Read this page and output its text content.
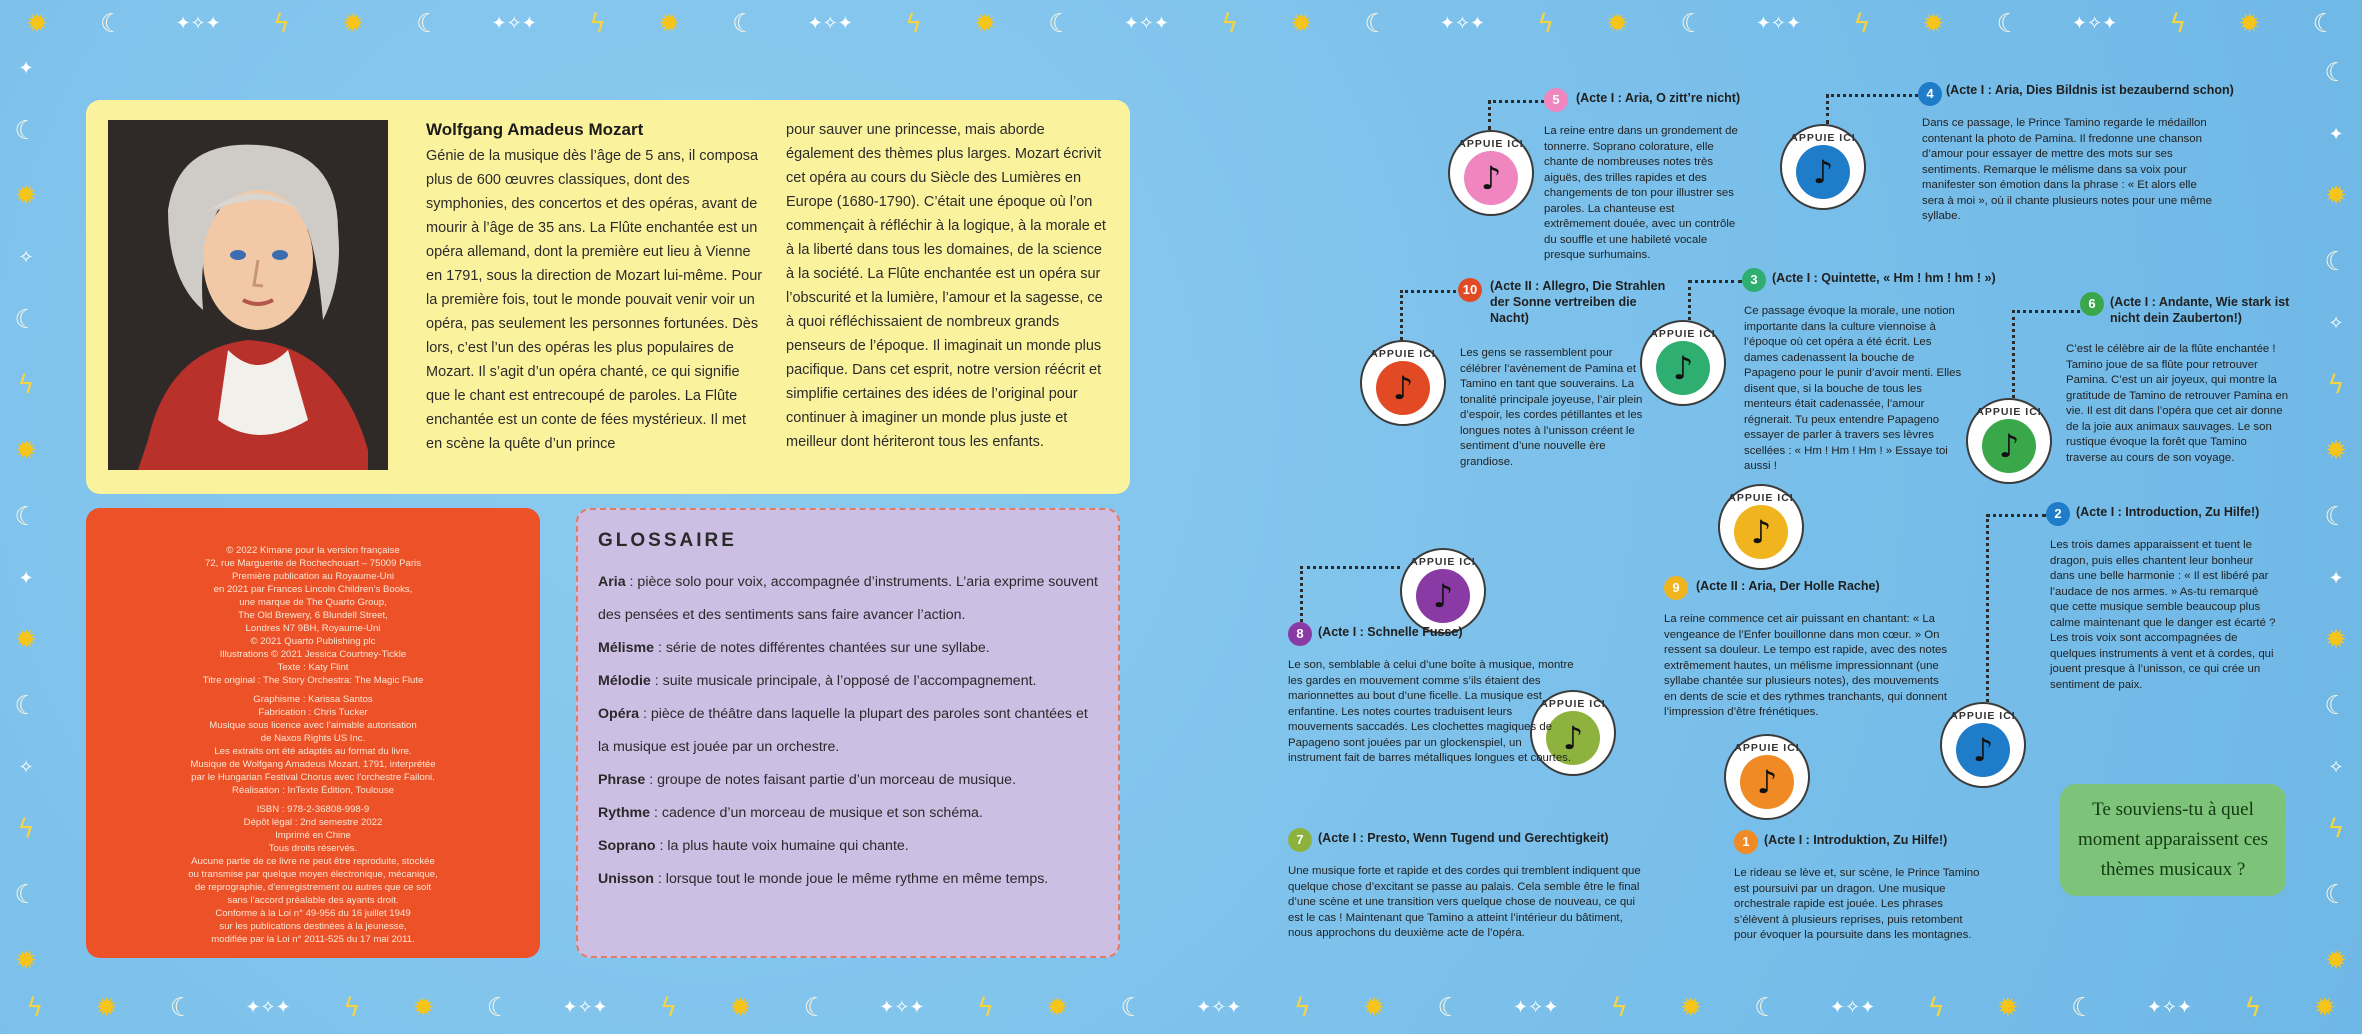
✹ ☾	✦✧✦ ϟ ✹ ☾	✦✧✦ ϟ ✹ ☾	✦✧✦ ϟ ✹ ☾	✦✧✦ ϟ ✹ ☾	✦✧✦ ϟ ✹ ☾	✦✧✦ ϟ ✹ ☾	✦✧✦ ϟ ✹ ☾
ϟ ✹ ☾	✦✧✦ ϟ ✹ ☾	✦✧✦ ϟ ✹ ☾	✦✧✦ ϟ ✹ ☾	✦✧✦ ϟ ✹ ☾	✦✧✦ ϟ ✹ ☾	✦✧✦ ϟ ✹ ☾	✦✧✦ ϟ ✹
✦
☾
✹
✧
☾
ϟ
✹
☾
✦
✹
☾
✧
ϟ
☾
✹
☾
✦
✹
☾
✧
ϟ
✹
☾
✦
✹
☾
✧
ϟ
☾
✹
Wolfgang Amadeus Mozart

Génie de la musique dès l’âge de 5 ans, il composa plus de 600 œuvres classiques, dont des symphonies, des concertos et des opéras, avant de mourir à l’âge de 35 ans. La Flûte enchantée est un opéra allemand, dont la première eut lieu à Vienne en 1791, sous la direction de Mozart lui-même. Pour la première fois, tout le monde pouvait venir voir un opéra, pas seulement les personnes fortunées. Dès lors, c’est l’un des opéras les plus populaires de Mozart. Il s’agit d’un opéra chanté, ce qui signifie que le chant est entrecoupé de paroles. La Flûte enchantée est un conte de fées mystérieux. Il met en scène la quête d’un prince

pour sauver une princesse, mais aborde également des thèmes plus larges. Mozart écrivit cet opéra au cours du Siècle des Lumières en Europe (1680-1790). C’était une époque où l’on commençait à réfléchir à la logique, à la morale et à la liberté dans tous les domaines, de la science à la société. La Flûte enchantée est un opéra sur l’obscurité et la lumière, l’amour et la sagesse, ce à quoi réfléchissaient de nombreux grands penseurs de l’époque. Il imaginait un monde plus pacifique. Dans cet esprit, notre version réécrit et simplifie certaines des idées de l’original pour continuer à imaginer un monde plus juste et meilleur dont hériteront tous les enfants.

© 2022 Kimane pour la version française

72, rue Marguerite de Rochechouart – 75009 Paris

Première publication au Royaume-Uni

en 2021 par Frances Lincoln Children’s Books,

une marque de The Quarto Group,

The Old Brewery, 6 Blundell Street,

Londres N7 9BH, Royaume-Uni

© 2021 Quarto Publishing plc

Illustrations © 2021 Jessica Courtney-Tickle

Texte : Katy Flint

Titre original : The Story Orchestra: The Magic Flute

Graphisme : Karissa Santos

Fabrication : Chris Tucker

Musique sous licence avec l’aimable autorisation

de Naxos Rights US Inc.

Les extraits ont été adaptés au format du livre.

Musique de Wolfgang Amadeus Mozart, 1791, interprétée

par le Hungarian Festival Chorus avec l’orchestre Failoni.

Réalisation : InTexte Édition, Toulouse

ISBN : 978-2-36808-998-9

Dépôt légal : 2nd semestre 2022

Imprimé en Chine

Tous droits réservés.

Aucune partie de ce livre ne peut être reproduite, stockée

ou transmise par quelque moyen électronique, mécanique,

de reprographie, d’enregistrement ou autres que ce soit

sans l’accord préalable des ayants droit.

Conforme à la Loi n° 49-956 du 16 juillet 1949

sur les publications destinées à la jeunesse,

modifiée par la Loi n° 2011-525 du 17 mai 2011.

GLOSSAIRE

Aria : pièce solo pour voix, accompagnée d’instruments. L’aria exprime souvent des pensées et des sentiments sans faire avancer l’action.

Mélisme : série de notes différentes chantées sur une syllabe.

Mélodie : suite musicale principale, à l’opposé de l’accompagnement.

Opéra : pièce de théâtre dans laquelle la plupart des paroles sont chantées et la musique est jouée par un orchestre.

Phrase : groupe de notes faisant partie d’un morceau de musique.

Rythme : cadence d’un morceau de musique et son schéma.

Soprano : la plus haute voix humaine qui chante.

Unisson : lorsque tout le monde joue le même rythme en même temps.

APPUIE ICI
♪
1	(Acte I : Introduktion, Zu Hilfe!)
Le rideau se lève et, sur scène, le Prince Tamino est poursuivi par un dragon. Une musique orchestrale rapide est jouée. Les phrases s’élèvent à plusieurs reprises, puis retombent pour évoquer la poursuite dans les montagnes.
APPUIE ICI
♪
2	(Acte I : Introduction, Zu Hilfe!)
Les trois dames apparaissent et tuent le dragon, puis elles chantent leur bonheur dans une belle harmonie : « Il est libéré par l’audace de nos armes. » As-tu remarqué que cette musique semble beaucoup plus calme maintenant que le danger est écarté ? Les trois voix sont accompagnées de quelques instruments à vent et à cordes, qui jouent presque à l’unisson, ce qui crée un sentiment de paix.
APPUIE ICI
♪
3	(Acte I : Quintette, « Hm ! hm ! hm ! »)
Ce passage évoque la morale, une notion importante dans la culture viennoise à l’époque où cet opéra a été écrit. Les dames cadenassent la bouche de Papageno pour le punir d’avoir menti. Elles disent que, si la bouche de tous les menteurs était cadenassée, l’amour régnerait. Tu peux entendre Papageno essayer de parler à travers ses lèvres scellées : « Hm ! Hm ! Hm ! » Essaye toi aussi !
APPUIE ICI
♪
4 (Acte I : Aria, Dies Bildnis ist bezaubernd schon)
Dans ce passage, le Prince Tamino regarde le médaillon contenant la photo de Pamina. Il fredonne une chanson d’amour pour essayer de mettre des mots sur ses sentiments. Remarque le mélisme dans sa voix pour manifester son émotion dans la phrase : « Et alors elle sera à moi », où il chante plusieurs notes pour une même syllabe.
APPUIE ICI
♪
5	(Acte I : Aria, O zitt’re nicht)
La reine entre dans un grondement de tonnerre. Soprano colorature, elle chante de nombreuses notes très aiguës, des trilles rapides et des changements de ton pour illustrer ses paroles. La chanteuse est extrêmement douée, avec un contrôle du souffle et une habileté vocale presque surhumains.
APPUIE ICI
♪
6	(Acte I : Andante, Wie stark ist nicht dein Zauberton!)
C’est le célèbre air de la flûte enchantée ! Tamino joue de sa flûte pour retrouver Pamina. C’est un air joyeux, qui montre la gratitude de Tamino de retrouver Pamina en vie. Il est dit dans l’opéra que cet air donne de la joie aux animaux sauvages. Le son rustique évoque la forêt que Tamino traverse au cours de son voyage.
APPUIE ICI
♪
7	(Acte I : Presto, Wenn Tugend und Gerechtigkeit)
Une musique forte et rapide et des cordes qui tremblent indiquent que quelque chose d’excitant se passe au palais. Cela semble être le final d’une scène et une transition vers quelque chose de nouveau, ce qui est le cas ! Maintenant que Tamino a atteint l’intérieur du bâtiment, nous approchons du deuxième acte de l’opéra.
APPUIE ICI
♪
8	(Acte I : Schnelle Fusse)
Le son, semblable à celui d’une boîte à musique, montre les gardes en mouvement comme s’ils étaient des marionnettes au bout d’une ficelle. La musique est enfantine. Les notes courtes traduisent leurs mouvements saccadés. Les clochettes magiques de Papageno sont jouées par un glockenspiel, un instrument fait de barres métalliques longues et courtes.
APPUIE ICI
♪
9	(Acte II : Aria, Der Holle Rache)
La reine commence cet air puissant en chantant: « La vengeance de l’Enfer bouillonne dans mon cœur. » On ressent sa douleur. Le tempo est rapide, avec des notes extrêmement hautes, un mélisme impressionnant (une syllabe chantée sur plusieurs notes), des mouvements en dents de scie et des rythmes tranchants, qui donnent l’impression d’être frénétiques.
APPUIE ICI
♪
10	(Acte II : Allegro, Die Strahlen der Sonne vertreiben die Nacht)
Les gens se rassemblent pour célébrer l’avènement de Pamina et Tamino en tant que souverains. La tonalité principale joyeuse, l’air plein d’espoir, les cordes pétillantes et les longues notes à l’unisson créent le sentiment d’une nouvelle ère grandiose.
Te souviens-tu à quel moment apparaissent ces thèmes musicaux ?
